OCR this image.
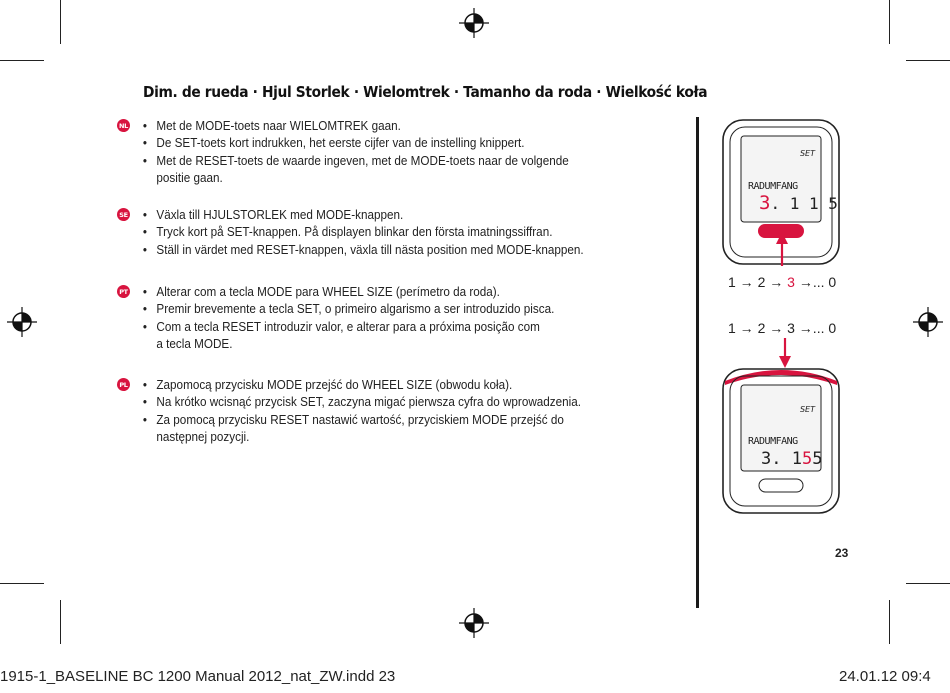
Dim. de rueda · Hjul Storlek · Wielomtrek · Tamanho da roda · Wielkość koła
NL	• Met de MODE-toets naar WIELOMTREK gaan.
• De SET-toets kort indrukken, het eerste cijfer van de instelling knippert.
• Met de RESET-toets de waarde ingeven, met de MODE-toets naar de volgende
positie gaan.
SE	• Växla till HJULSTORLEK med MODE-knappen.
• Tryck kort på SET-knappen. På displayen blinkar den första imatningssiffran.
• Ställ in värdet med RESET-knappen, växla till nästa position med MODE-knappen.
PT	• Alterar com a tecla MODE para WHEEL SIZE (perímetro da roda).
• Premir brevemente a tecla SET, o primeiro algarismo a ser introduzido pisca.
• Com a tecla RESET introduzir valor, e alterar para a próxima posição com
a tecla MODE.
PL	• Zapomocą przycisku MODE przejść do WHEEL SIZE (obwodu koła).
• Na krótko wcisnąć przycisk SET, zaczyna migać pierwsza cyfra do wprowadzenia.
• Za pomocą przycisku RESET nastawić wartość, przyciskiem MODE przejść do
następnej pozycji.
SET
RADUMFANG
3. 1 1 5
1 → 2 → 3 →... 0
1 → 2 → 3 →... 0
SET
RADUMFANG
3. 155
23
1915-1_BASELINE BC 1200 Manual 2012_nat_ZW.indd 23	24.01.12 09:4
